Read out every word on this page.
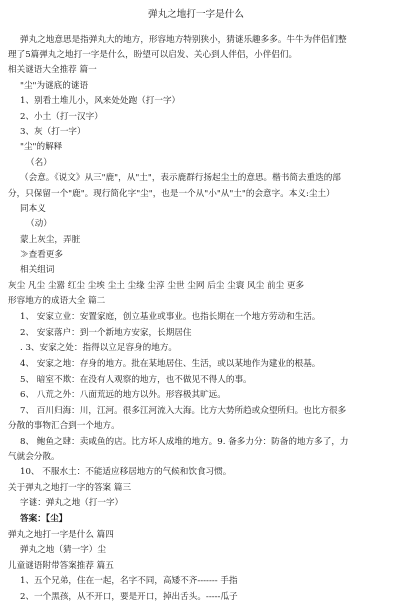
弹丸之地打一字是什么
弹丸之地意思是指弹丸大的地方，形容地方特别狭小，猜谜乐趣多多。牛牛为伴侣们整
理了5篇弹丸之地打一字是什么，盼望可以启发、关心到人伴侣，小伴侣们。
相关谜语大全推荐 篇一
"尘"为谜底的谜语
1、别看土堆儿小，风来处处跑（打一字）
2、小土（打一汉字）
3、灰（打一字）
"尘"的解释
（名）
（会意。《说文》从三"鹿"，从"土"，表示鹿群行扬起尘土的意思。楷书简去重迭的部
分，只保留一个"鹿"。现行简化字"尘"，也是一个从"小"从"土"的会意字。本义:尘土）
同本义
（动）
蒙上灰尘，弄脏
≫查看更多
相关组词
灰尘 凡尘 尘嚣 红尘 尘埃 尘土 尘缘 尘淳 尘世 尘网 后尘 尘寰 风尘 前尘 更多
形容地方的成语大全 篇二
1、 安家立业：安置家庭，创立基业或事业。也指长期在一个地方劳动和生活。
2、 安家落户：到一个新地方安家，长期居住
. 3、安家之处：指得以立足容身的地方。
4、 安家之地：存身的地方。批在某地居住、生活，或以某地作为建业的根基。
5、 暗室不欺：在没有人观察的地方，也不做见不得人的事。
6、 八荒之外：八面荒远的地方以外。形容极其旷远。
7、 百川归海：川，江河。很多江河流入大海。比方大势所趋或众望所归。也比方很多
分散的事物汇合到一个地方。
8、 鲍鱼之肆：卖咸鱼的店。比方坏人成堆的地方。9. 备多力分：防备的地方多了，力
气就会分散。
10、 不服水土：不能适应移居地方的气候和饮食习惯。
关于弹丸之地打一字的答案 篇三
字谜：弹丸之地（打一字）
答案：【尘】
弹丸之地打一字是什么 篇四
弹丸之地（猜一字）尘
儿童谜语附带答案推荐 篇五
1、五个兄弟，住在一起，名字不同，高矮不齐------- 手指
2、一个黑孩，从不开口，要是开口，掉出舌头。-----瓜子
